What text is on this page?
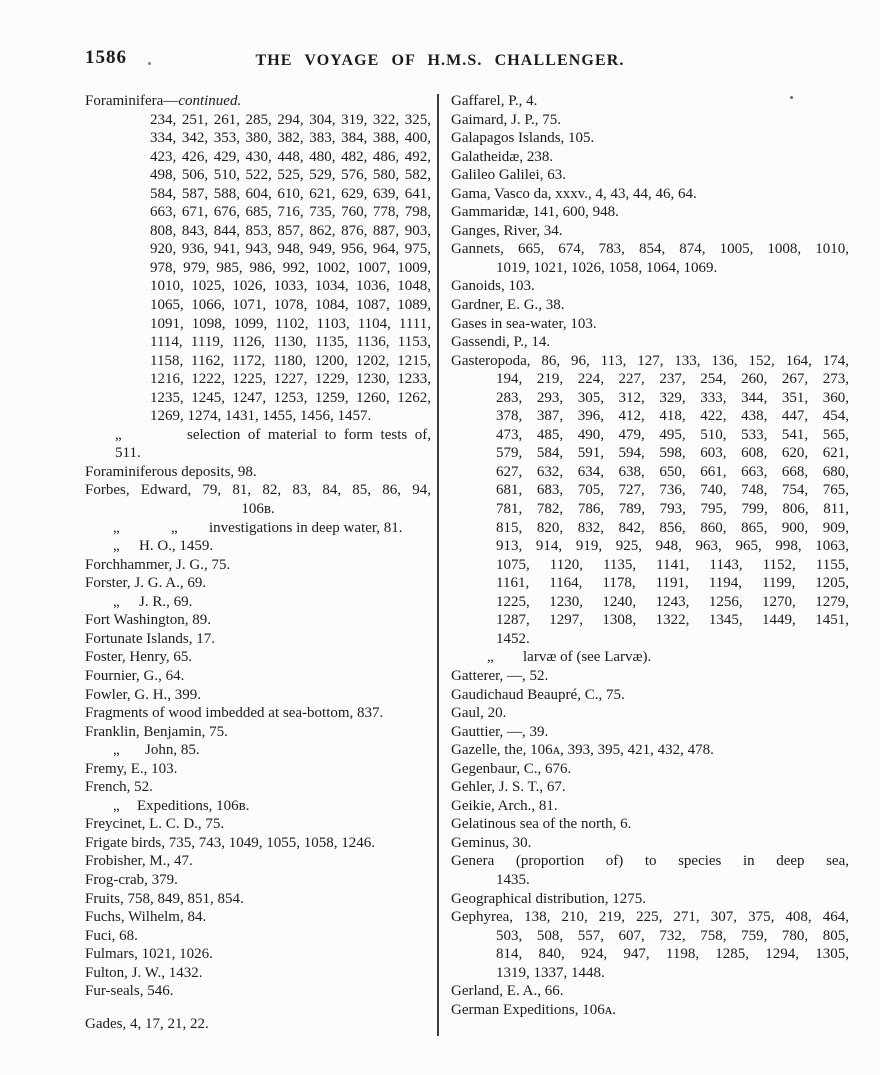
1586	THE VOYAGE OF H.M.S. CHALLENGER.
Foraminifera—continued.
234, 251, 261, 285, 294, 304, 319, 322, 325,
334, 342, 353, 380, 382, 383, 384, 388, 400,
423, 426, 429, 430, 448, 480, 482, 486, 492,
498, 506, 510, 522, 525, 529, 576, 580, 582,
584, 587, 588, 604, 610, 621, 629, 639, 641,
663, 671, 676, 685, 716, 735, 760, 778, 798,
808, 843, 844, 853, 857, 862, 876, 887, 903,
920, 936, 941, 943, 948, 949, 956, 964, 975,
978, 979, 985, 986, 992, 1002, 1007, 1009,
1010, 1025, 1026, 1033, 1034, 1036, 1048,
1065, 1066, 1071, 1078, 1084, 1087, 1089,
1091, 1098, 1099, 1102, 1103, 1104, 1111,
1114, 1119, 1126, 1130, 1135, 1136, 1153,
1158, 1162, 1172, 1180, 1200, 1202, 1215,
1216, 1222, 1225, 1227, 1229, 1230, 1233,
1235, 1245, 1247, 1253, 1259, 1260, 1262,
1269, 1274, 1431, 1455, 1456, 1457.
„	selection of material to form tests of, 511.
Foraminiferous deposits, 98.
Forbes, Edward, 79, 81, 82, 83, 84, 85, 86, 94,
106ʙ.
„	„ investigations in deep water, 81.
„ H. O., 1459.
Forchhammer, J. G., 75.
Forster, J. G. A., 69.
„ J. R., 69.
Fort Washington, 89.
Fortunate Islands, 17.
Foster, Henry, 65.
Fournier, G., 64.
Fowler, G. H., 399.
Fragments of wood imbedded at sea-bottom, 837.
Franklin, Benjamin, 75.
„ John, 85.
Fremy, E., 103.
French, 52.
„ Expeditions, 106ʙ.
Freycinet, L. C. D., 75.
Frigate birds, 735, 743, 1049, 1055, 1058, 1246.
Frobisher, M., 47.
Frog-crab, 379.
Fruits, 758, 849, 851, 854.
Fuchs, Wilhelm, 84.
Fuci, 68.
Fulmars, 1021, 1026.
Fulton, J. W., 1432.
Fur-seals, 546.
Gades, 4, 17, 21, 22.
Gaffarel, P., 4.
Gaimard, J. P., 75.
Galapagos Islands, 105.
Galatheidæ, 238.
Galileo Galilei, 63.
Gama, Vasco da, xxxv., 4, 43, 44, 46, 64.
Gammaridæ, 141, 600, 948.
Ganges, River, 34.
Gannets, 665, 674, 783, 854, 874, 1005, 1008, 1010,
1019, 1021, 1026, 1058, 1064, 1069.
Ganoids, 103.
Gardner, E. G., 38.
Gases in sea-water, 103.
Gassendi, P., 14.
Gasteropoda, 86, 96, 113, 127, 133, 136, 152, 164, 174,
194, 219, 224, 227, 237, 254, 260, 267, 273,
283, 293, 305, 312, 329, 333, 344, 351, 360,
378, 387, 396, 412, 418, 422, 438, 447, 454,
473, 485, 490, 479, 495, 510, 533, 541, 565,
579, 584, 591, 594, 598, 603, 608, 620, 621,
627, 632, 634, 638, 650, 661, 663, 668, 680,
681, 683, 705, 727, 736, 740, 748, 754, 765,
781, 782, 786, 789, 793, 795, 799, 806, 811,
815, 820, 832, 842, 856, 860, 865, 900, 909,
913, 914, 919, 925, 948, 963, 965, 998, 1063,
1075, 1120, 1135, 1141, 1143, 1152, 1155,
1161, 1164, 1178, 1191, 1194, 1199, 1205,
1225, 1230, 1240, 1243, 1256, 1270, 1279,
1287, 1297, 1308, 1322, 1345, 1449, 1451,
1452.
„ larvæ of (see Larvæ).
Gatterer, —, 52.
Gaudichaud Beaupré, C., 75.
Gaul, 20.
Gauttier, —, 39.
Gazelle, the, 106ᴀ, 393, 395, 421, 432, 478.
Gegenbaur, C., 676.
Gehler, J. S. T., 67.
Geikie, Arch., 81.
Gelatinous sea of the north, 6.
Geminus, 30.
Genera (proportion of) to species in deep sea,
1435.
Geographical distribution, 1275.
Gephyrea, 138, 210, 219, 225, 271, 307, 375, 408, 464,
503, 508, 557, 607, 732, 758, 759, 780, 805,
814, 840, 924, 947, 1198, 1285, 1294, 1305,
1319, 1337, 1448.
Gerland, E. A., 66.
German Expeditions, 106ᴀ.
